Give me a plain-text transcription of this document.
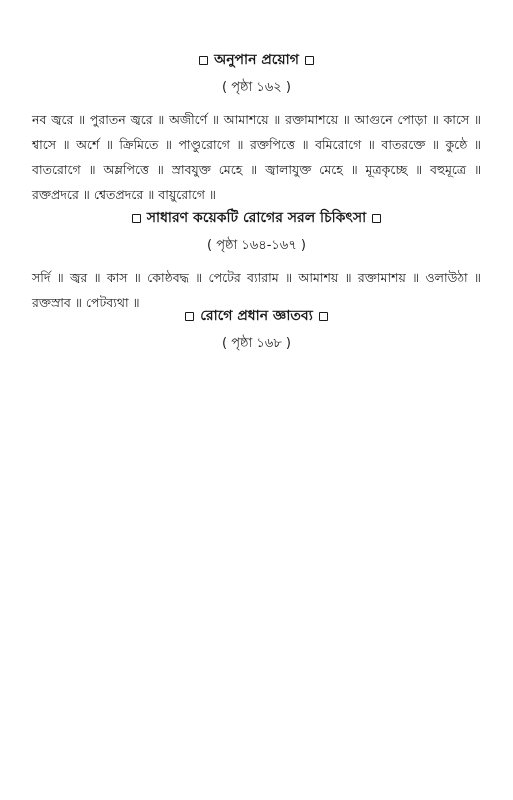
অনুপান প্রয়োগ
( পৃষ্ঠা ১৬২ )
নব জ্বরে ॥ পুরাতন জ্বরে ॥ অজীর্ণে ॥ আমাশয়ে ॥ রক্তামাশয়ে ॥ আগুনে পোড়া ॥ কাসে ॥ শ্বাসে ॥ অর্শে ॥ ক্রিমিতে ॥ পাণ্ডুরোগে ॥ রক্তপিত্তে ॥ বমিরোগে ॥ বাতরক্তে ॥ কুষ্ঠে ॥ বাতরোগে ॥ অম্লপিত্তে ॥ স্রাবযুক্ত মেহে ॥ জ্বালাযুক্ত মেহে ॥ মূত্রকৃচ্ছে ॥ বহুমূত্রে ॥ রক্তপ্রদরে ॥ শ্বেতপ্রদরে ॥ বায়ুরোগে ॥
সাধারণ কয়েকটি রোগের সরল চিকিৎসা
( পৃষ্ঠা ১৬৪-১৬৭ )
সর্দি ॥ জ্বর ॥ কাস ॥ কোষ্ঠবদ্ধ ॥ পেটের ব্যারাম ॥ আমাশয় ॥ রক্তামাশয় ॥ ওলাউঠা ॥ রক্তস্রাব ॥ পেটব্যথা ॥
রোগে প্রধান জ্ঞাতব্য
( পৃষ্ঠা ১৬৮ )
